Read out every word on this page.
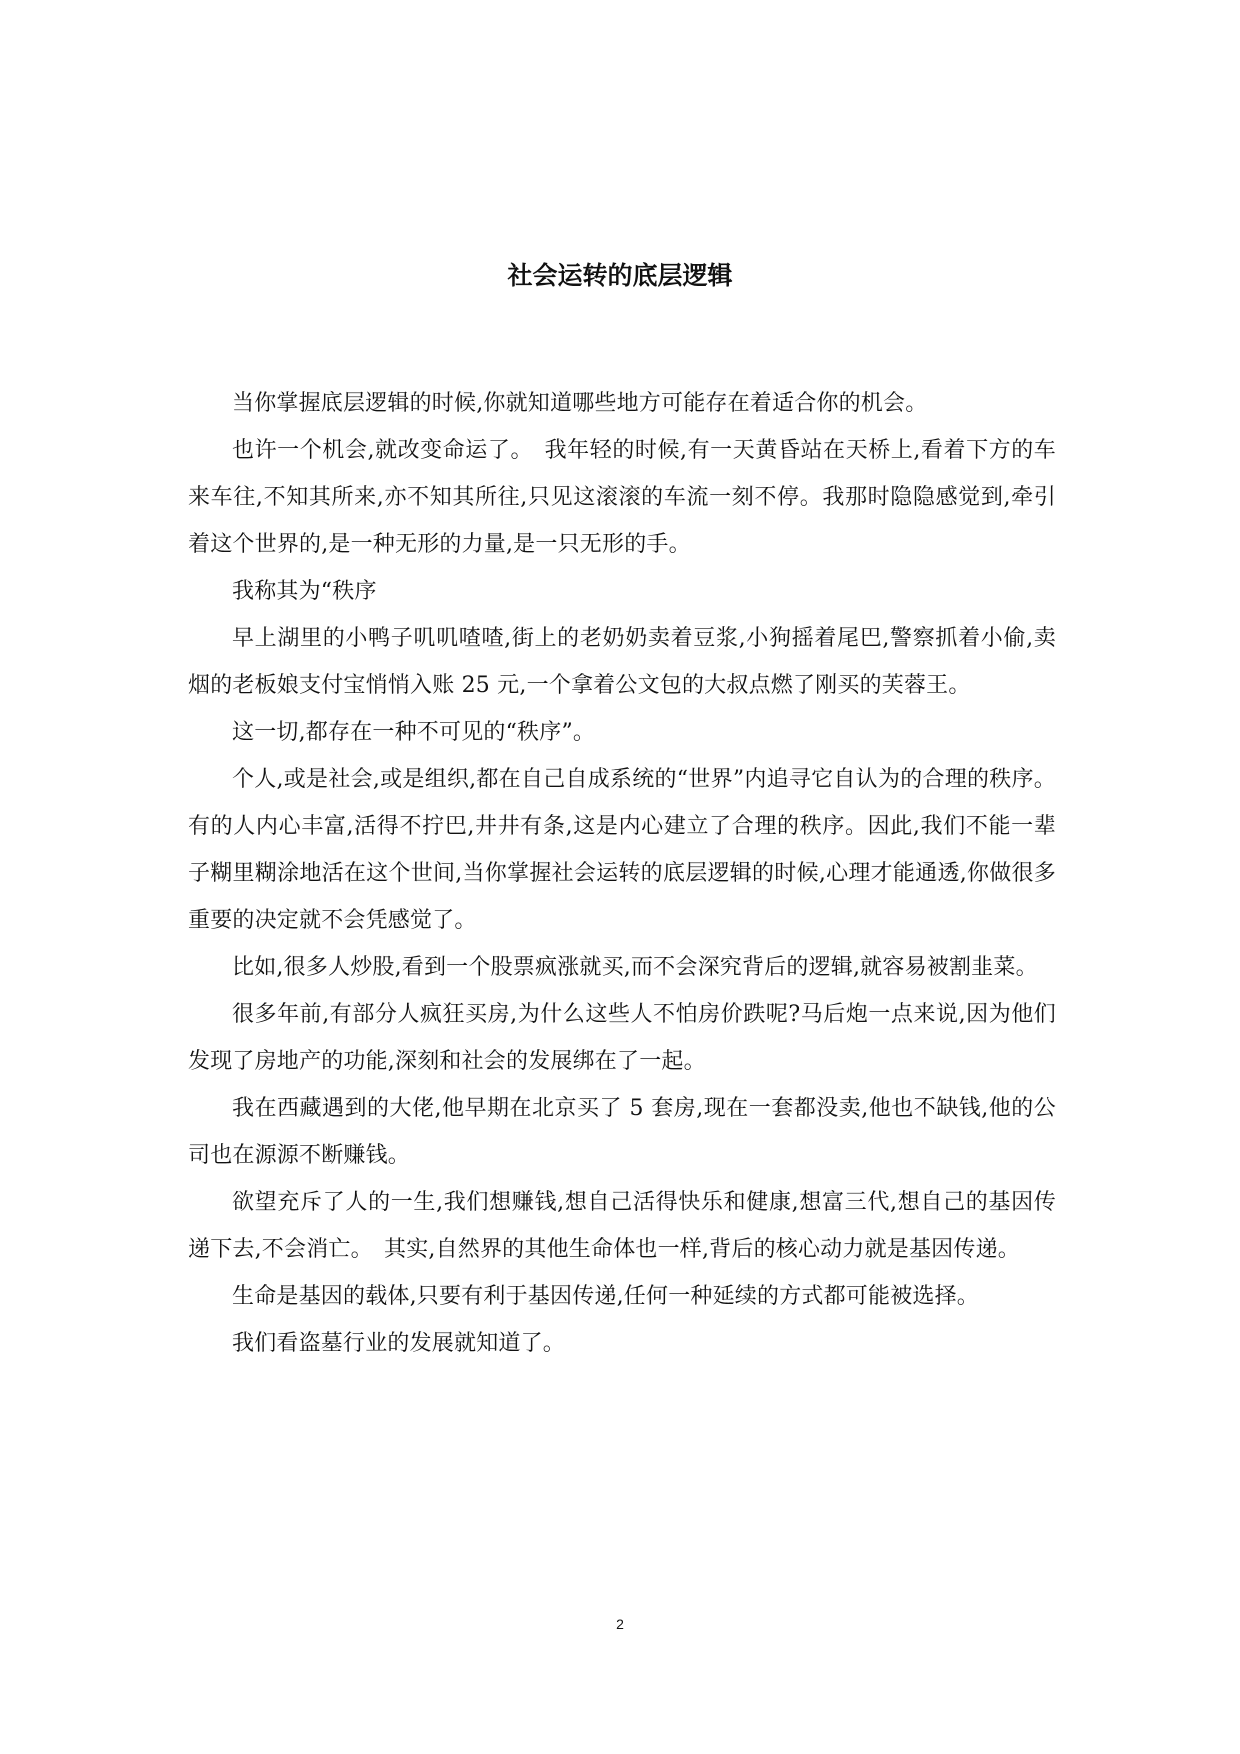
社会运转的底层逻辑

当你掌握底层逻辑的时候,你就知道哪些地方可能存在着适合你的机会。

也许一个机会,就改变命运了。　我年轻的时候,有一天黄昏站在天桥上,看着下方的车来车往,不知其所来,亦不知其所往,只见这滚滚的车流一刻不停。我那时隐隐感觉到,牵引着这个世界的,是一种无形的力量,是一只无形的手。

我称其为“秩序

早上湖里的小鸭子叽叽喳喳,街上的老奶奶卖着豆浆,小狗摇着尾巴,警察抓着小偷,卖烟的老板娘支付宝悄悄入账 25 元,一个拿着公文包的大叔点燃了刚买的芙蓉王。

这一切,都存在一种不可见的“秩序”。

个人,或是社会,或是组织,都在自己自成系统的“世界”内追寻它自认为的合理的秩序。有的人内心丰富,活得不拧巴,井井有条,这是内心建立了合理的秩序。因此,我们不能一辈子糊里糊涂地活在这个世间,当你掌握社会运转的底层逻辑的时候,心理才能通透,你做很多重要的决定就不会凭感觉了。

比如,很多人炒股,看到一个股票疯涨就买,而不会深究背后的逻辑,就容易被割韭菜。

很多年前,有部分人疯狂买房,为什么这些人不怕房价跌呢?马后炮一点来说,因为他们发现了房地产的功能,深刻和社会的发展绑在了一起。

我在西藏遇到的大佬,他早期在北京买了 5 套房,现在一套都没卖,他也不缺钱,他的公司也在源源不断赚钱。

欲望充斥了人的一生,我们想赚钱,想自己活得快乐和健康,想富三代,想自己的基因传递下去,不会消亡。　其实,自然界的其他生命体也一样,背后的核心动力就是基因传递。

生命是基因的载体,只要有利于基因传递,任何一种延续的方式都可能被选择。

我们看盗墓行业的发展就知道了。

2
